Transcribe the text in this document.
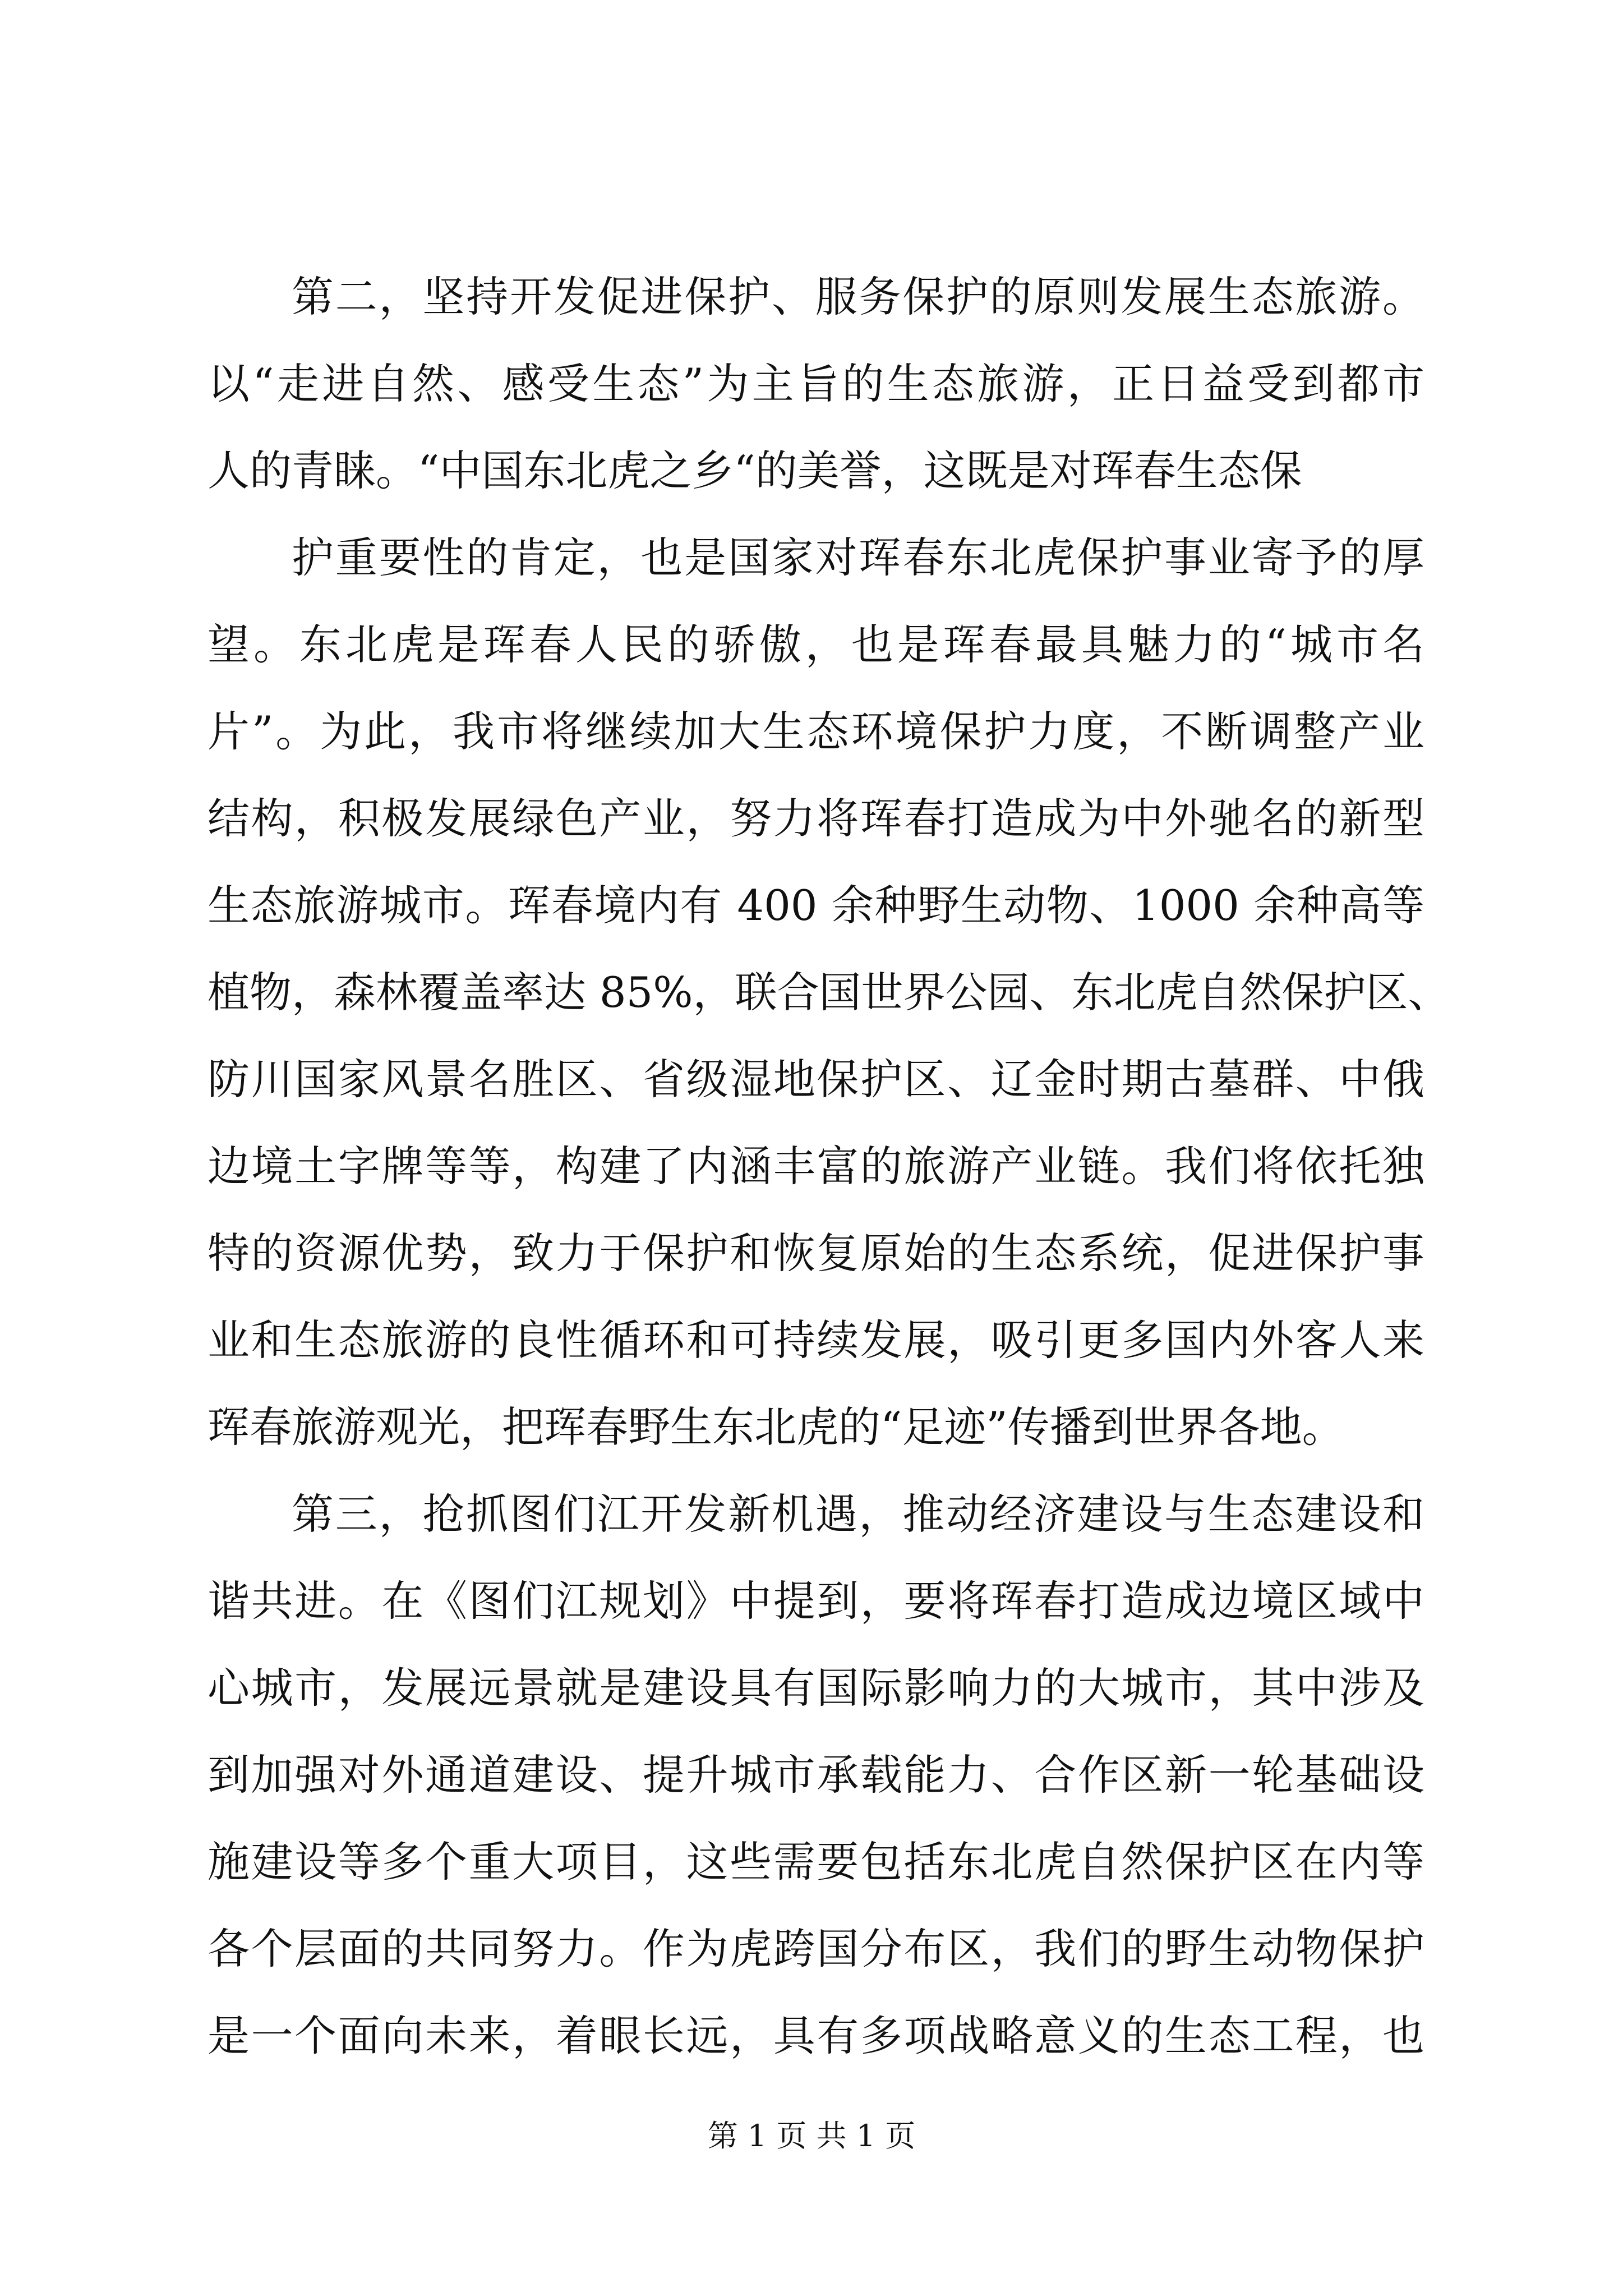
第二，坚持开发促进保护、服务保护的原则发展生态旅游。
以“走进自然、感受生态”为主旨的生态旅游，正日益受到都市
人的青睐。“中国东北虎之乡“的美誉，这既是对珲春生态保
护重要性的肯定，也是国家对珲春东北虎保护事业寄予的厚
望。东北虎是珲春人民的骄傲，也是珲春最具魅力的“城市名
片”。为此，我市将继续加大生态环境保护力度，不断调整产业
结构，积极发展绿色产业，努力将珲春打造成为中外驰名的新型
生态旅游城市。珲春境内有 400 余种野生动物、1000 余种高等
植物，森林覆盖率达 85%，联合国世界公园、东北虎自然保护区、
防川国家风景名胜区、省级湿地保护区、辽金时期古墓群、中俄
边境土字牌等等，构建了内涵丰富的旅游产业链。我们将依托独
特的资源优势，致力于保护和恢复原始的生态系统，促进保护事
业和生态旅游的良性循环和可持续发展，吸引更多国内外客人来
珲春旅游观光，把珲春野生东北虎的“足迹”传播到世界各地。
第三，抢抓图们江开发新机遇，推动经济建设与生态建设和
谐共进。在《图们江规划》中提到，要将珲春打造成边境区域中
心城市，发展远景就是建设具有国际影响力的大城市，其中涉及
到加强对外通道建设、提升城市承载能力、合作区新一轮基础设
施建设等多个重大项目，这些需要包括东北虎自然保护区在内等
各个层面的共同努力。作为虎跨国分布区，我们的野生动物保护
是一个面向未来，着眼长远，具有多项战略意义的生态工程，也
第 1 页 共 1 页
